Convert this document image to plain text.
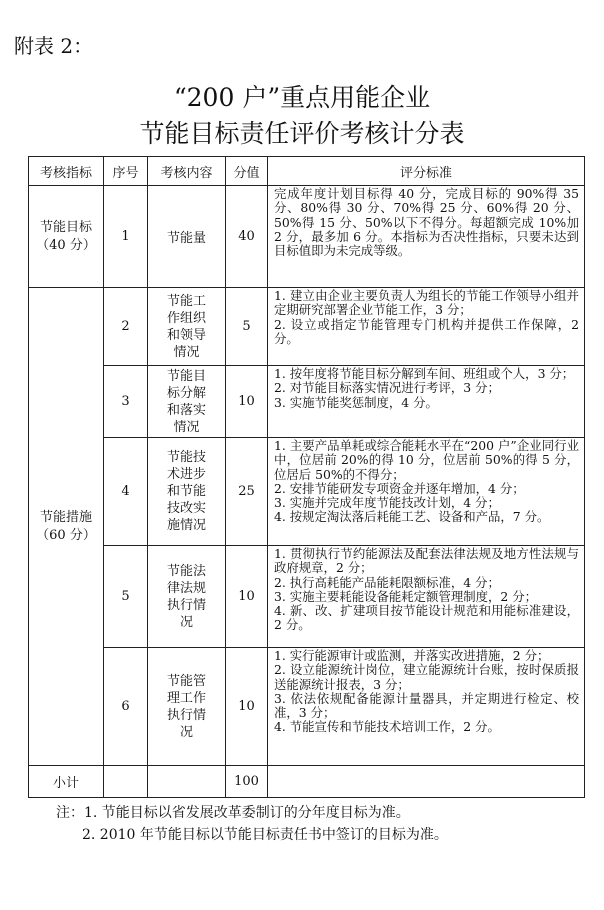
附表 2：
“200 户”重点用能企业
节能目标责任评价考核计分表
考核指标	序号	考核内容	分值	评分标准
节能目标（40 分）	1	节能量	40	完成年度计划目标得 40 分，完成目标的 90%得 35 分、80%得 30 分、70%得 25 分、60%得 20 分、50%得 15 分、50%以下不得分。每超额完成 10%加 2 分，最多加 6 分。本指标为否决性指标，只要未达到目标值即为未完成等级。

节能措施（60 分）	2	节能工作组织和领导情况	5	1. 建立由企业主要负责人为组长的节能工作领导小组并定期研究部署企业节能工作，3 分；

2. 设立或指定节能管理专门机构并提供工作保障，2 分。

	3	节能目标分解和落实情况	10	1. 按年度将节能目标分解到车间、班组或个人，3 分；

2. 对节能目标落实情况进行考评，3 分；

3. 实施节能奖惩制度，4 分。

	4	节能技术进步和节能技改实施情况	25	1. 主要产品单耗或综合能耗水平在“200 户”企业同行业中，位居前 20%的得 10 分，位居前 50%的得 5 分，位居后 50%的不得分；

2. 安排节能研发专项资金并逐年增加，4 分；

3. 实施并完成年度节能技改计划，4 分；

4. 按规定淘汰落后耗能工艺、设备和产品，7 分。

	5	节能法律法规执行情况	10	1. 贯彻执行节约能源法及配套法律法规及地方性法规与政府规章，2 分；

2. 执行高耗能产品能耗限额标准，4 分；

3. 实施主要耗能设备能耗定额管理制度，2 分；

4. 新、改、扩建项目按节能设计规范和用能标准建设，2 分。

	6	节能管理工作执行情况	10	1. 实行能源审计或监测，并落实改进措施，2 分；

2. 设立能源统计岗位，建立能源统计台账，按时保质报送能源统计报表，3 分；

3. 依法依规配备能源计量器具，并定期进行检定、校准，3 分；

4. 节能宣传和节能技术培训工作，2 分。

小计			100	
注：1. 节能目标以省发展改革委制订的分年度目标为准。
2. 2010 年节能目标以节能目标责任书中签订的目标为准。
